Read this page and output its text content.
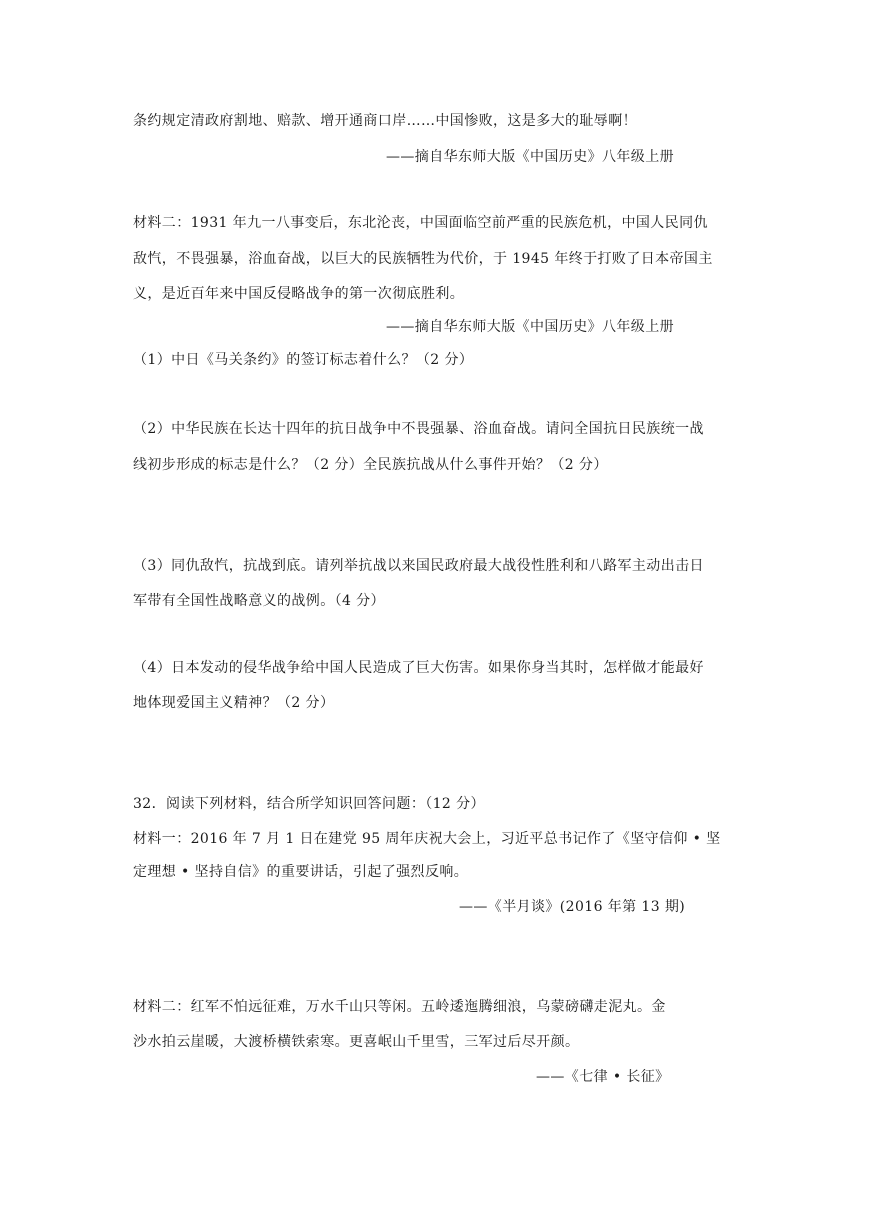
条约规定清政府割地、赔款、增开通商口岸……中国惨败，这是多大的耻辱啊！
——摘自华东师大版《中国历史》八年级上册
材料二：1931 年九一八事变后，东北沦丧，中国面临空前严重的民族危机，中国人民同仇
敌忾，不畏强暴，浴血奋战，以巨大的民族牺牲为代价，于 1945 年终于打败了日本帝国主
义，是近百年来中国反侵略战争的第一次彻底胜利。
——摘自华东师大版《中国历史》八年级上册
（1）中日《马关条约》的签订标志着什么？（2 分）
（2）中华民族在长达十四年的抗日战争中不畏强暴、浴血奋战。请问全国抗日民族统一战
线初步形成的标志是什么？（2 分）全民族抗战从什么事件开始？（2 分）
（3）同仇敌忾，抗战到底。请列举抗战以来国民政府最大战役性胜利和八路军主动出击日
军带有全国性战略意义的战例。（4 分）
（4）日本发动的侵华战争给中国人民造成了巨大伤害。如果你身当其时，怎样做才能最好
地体现爱国主义精神？（2 分）
32．阅读下列材料，结合所学知识回答问题：（12 分）
材料一：2016 年 7 月 1 日在建党 95 周年庆祝大会上，习近平总书记作了《坚守信仰 • 坚
定理想 • 坚持自信》的重要讲话，引起了强烈反响。
——《半月谈》(2016 年第 13 期)
材料二：红军不怕远征难，万水千山只等闲。五岭逶迤腾细浪，乌蒙磅礴走泥丸。金
沙水拍云崖暖，大渡桥横铁索寒。更喜岷山千里雪，三军过后尽开颜。
——《七律 • 长征》
